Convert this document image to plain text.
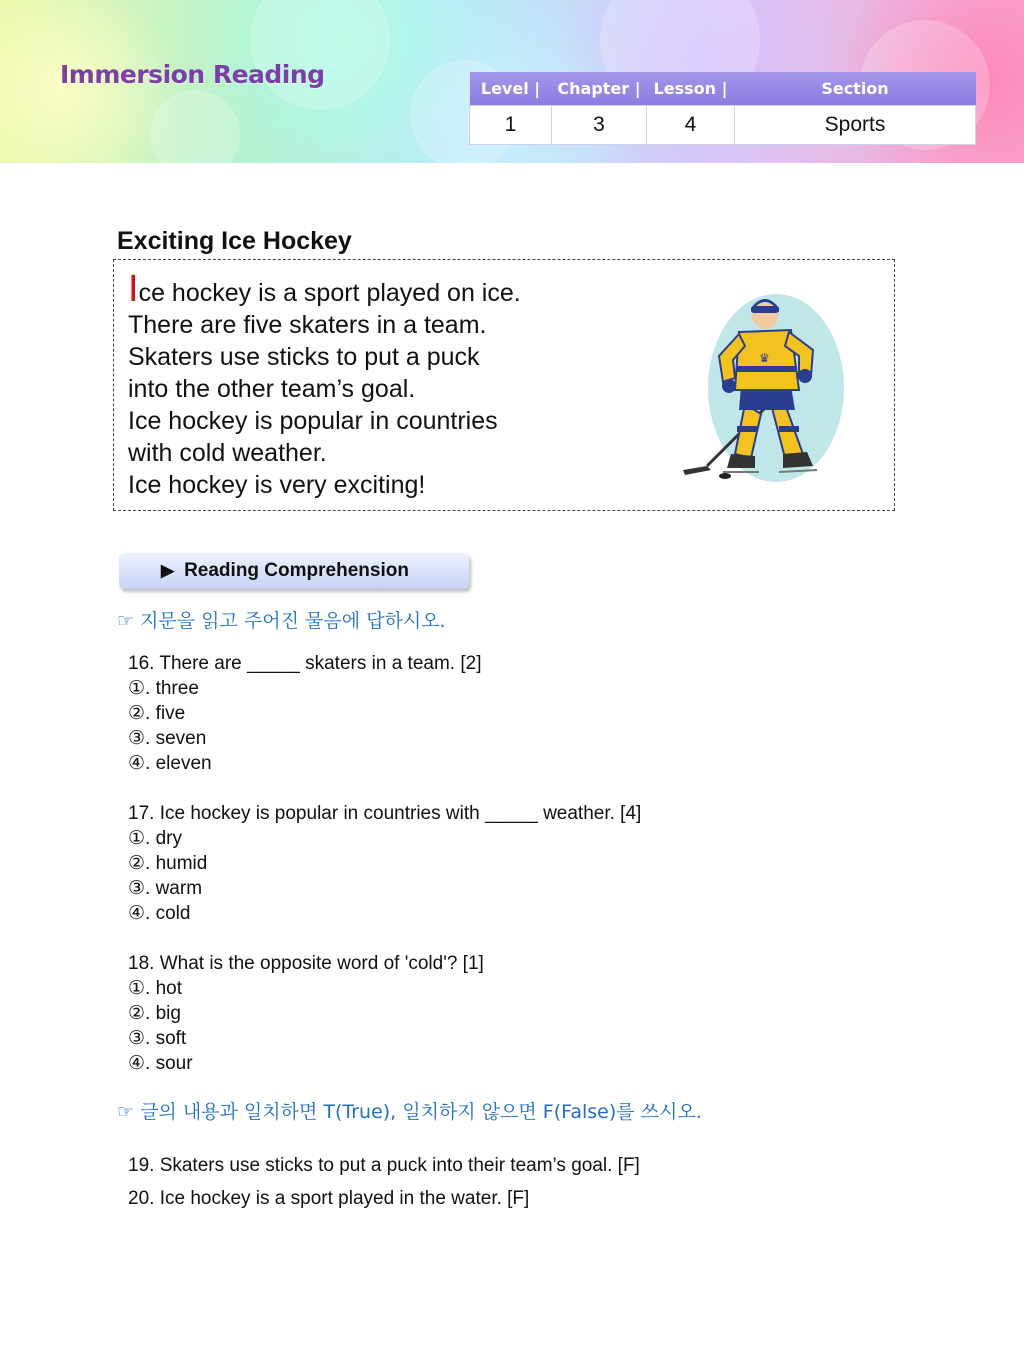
Immersion Reading	Level |	Chapter |	Lesson |	Section
1	3	4	Sports
Exciting Ice Hockey
Ice hockey is a sport played on ice.
There are five skaters in a team.
Skaters use sticks to put a puck
into the other team’s goal.
Ice hockey is popular in countries
with cold weather.
Ice hockey is very exciting!
♛
▶ Reading Comprehension

☞ 지문을 읽고 주어진 물음에 답하시오.

16. There are _____ skaters in a team. [2]
①. three
②. five
③. seven
④. eleven
17. Ice hockey is popular in countries with _____ weather. [4]
①. dry
②. humid
③. warm
④. cold
18. What is the opposite word of 'cold'? [1]
①. hot
②. big
③. soft
④. sour

☞ 글의 내용과 일치하면 T(True), 일치하지 않으면 F(False)를 쓰시오.

19. Skaters use sticks to put a puck into their team’s goal. [F]
20. Ice hockey is a sport played in the water. [F]
